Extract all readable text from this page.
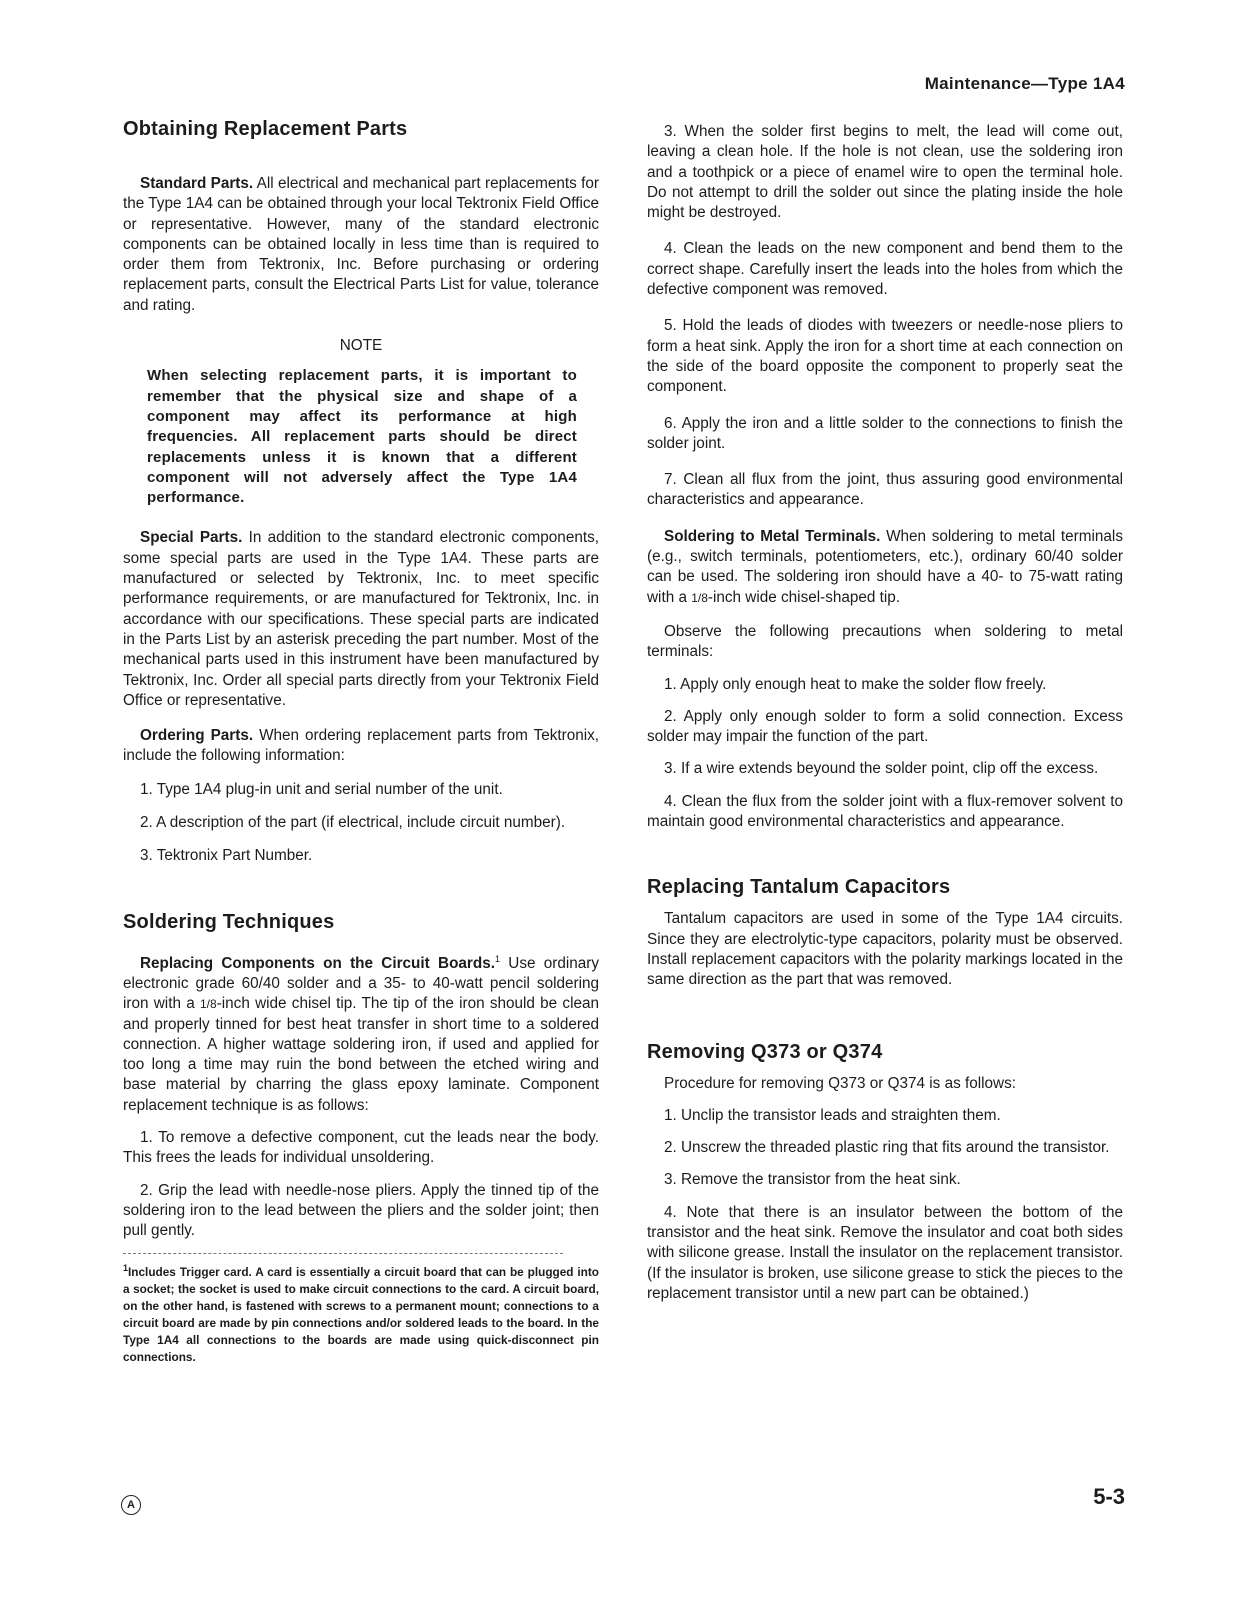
Maintenance—Type 1A4
Obtaining Replacement Parts

Standard Parts. All electrical and mechanical part replacements for the Type 1A4 can be obtained through your local Tektronix Field Office or representative. However, many of the standard electronic components can be obtained locally in less time than is required to order them from Tektronix, Inc. Before purchasing or ordering replacement parts, consult the Electrical Parts List for value, tolerance and rating.

NOTE

When selecting replacement parts, it is important to remember that the physical size and shape of a component may affect its performance at high frequencies. All replacement parts should be direct replacements unless it is known that a different component will not adversely affect the Type 1A4 performance.

Special Parts. In addition to the standard electronic components, some special parts are used in the Type 1A4. These parts are manufactured or selected by Tektronix, Inc. to meet specific performance requirements, or are manufactured for Tektronix, Inc. in accordance with our specifications. These special parts are indicated in the Parts List by an asterisk preceding the part number. Most of the mechanical parts used in this instrument have been manufactured by Tektronix, Inc. Order all special parts directly from your Tektronix Field Office or representative.

Ordering Parts. When ordering replacement parts from Tektronix, include the following information:

1. Type 1A4 plug-in unit and serial number of the unit.

2. A description of the part (if electrical, include circuit number).

3. Tektronix Part Number.

Soldering Techniques

Replacing Components on the Circuit Boards.$^1$ Use ordinary electronic grade 60/40 solder and a 35- to 40-watt pencil soldering iron with a 1/8-inch wide chisel tip. The tip of the iron should be clean and properly tinned for best heat transfer in short time to a soldered connection. A higher wattage soldering iron, if used and applied for too long a time may ruin the bond between the etched wiring and base material by charring the glass epoxy laminate. Component replacement technique is as follows:

1. To remove a defective component, cut the leads near the body. This frees the leads for individual unsoldering.

2. Grip the lead with needle-nose pliers. Apply the tinned tip of the soldering iron to the lead between the pliers and the solder joint; then pull gently.

$^1$Includes Trigger card. A card is essentially a circuit board that can be plugged into a socket; the socket is used to make circuit connections to the card. A circuit board, on the other hand, is fastened with screws to a permanent mount; connections to a circuit board are made by pin connections and/or soldered leads to the board. In the Type 1A4 all connections to the boards are made using quick-disconnect pin connections.

3. When the solder first begins to melt, the lead will come out, leaving a clean hole. If the hole is not clean, use the soldering iron and a toothpick or a piece of enamel wire to open the terminal hole. Do not attempt to drill the solder out since the plating inside the hole might be destroyed.

4. Clean the leads on the new component and bend them to the correct shape. Carefully insert the leads into the holes from which the defective component was removed.

5. Hold the leads of diodes with tweezers or needle-nose pliers to form a heat sink. Apply the iron for a short time at each connection on the side of the board opposite the component to properly seat the component.

6. Apply the iron and a little solder to the connections to finish the solder joint.

7. Clean all flux from the joint, thus assuring good environmental characteristics and appearance.

Soldering to Metal Terminals. When soldering to metal terminals (e.g., switch terminals, potentiometers, etc.), ordinary 60/40 solder can be used. The soldering iron should have a 40- to 75-watt rating with a 1/8-inch wide chisel-shaped tip.

Observe the following precautions when soldering to metal terminals:

1. Apply only enough heat to make the solder flow freely.

2. Apply only enough solder to form a solid connection. Excess solder may impair the function of the part.

3. If a wire extends beyound the solder point, clip off the excess.

4. Clean the flux from the solder joint with a flux-remover solvent to maintain good environmental characteristics and appearance.

Replacing Tantalum Capacitors

Tantalum capacitors are used in some of the Type 1A4 circuits. Since they are electrolytic-type capacitors, polarity must be observed. Install replacement capacitors with the polarity markings located in the same direction as the part that was removed.

Removing Q373 or Q374

Procedure for removing Q373 or Q374 is as follows:

1. Unclip the transistor leads and straighten them.

2. Unscrew the threaded plastic ring that fits around the transistor.

3. Remove the transistor from the heat sink.

4. Note that there is an insulator between the bottom of the transistor and the heat sink. Remove the insulator and coat both sides with silicone grease. Install the insulator on the replacement transistor. (If the insulator is broken, use silicone grease to stick the pieces to the replacement transistor until a new part can be obtained.)

A	5-3
